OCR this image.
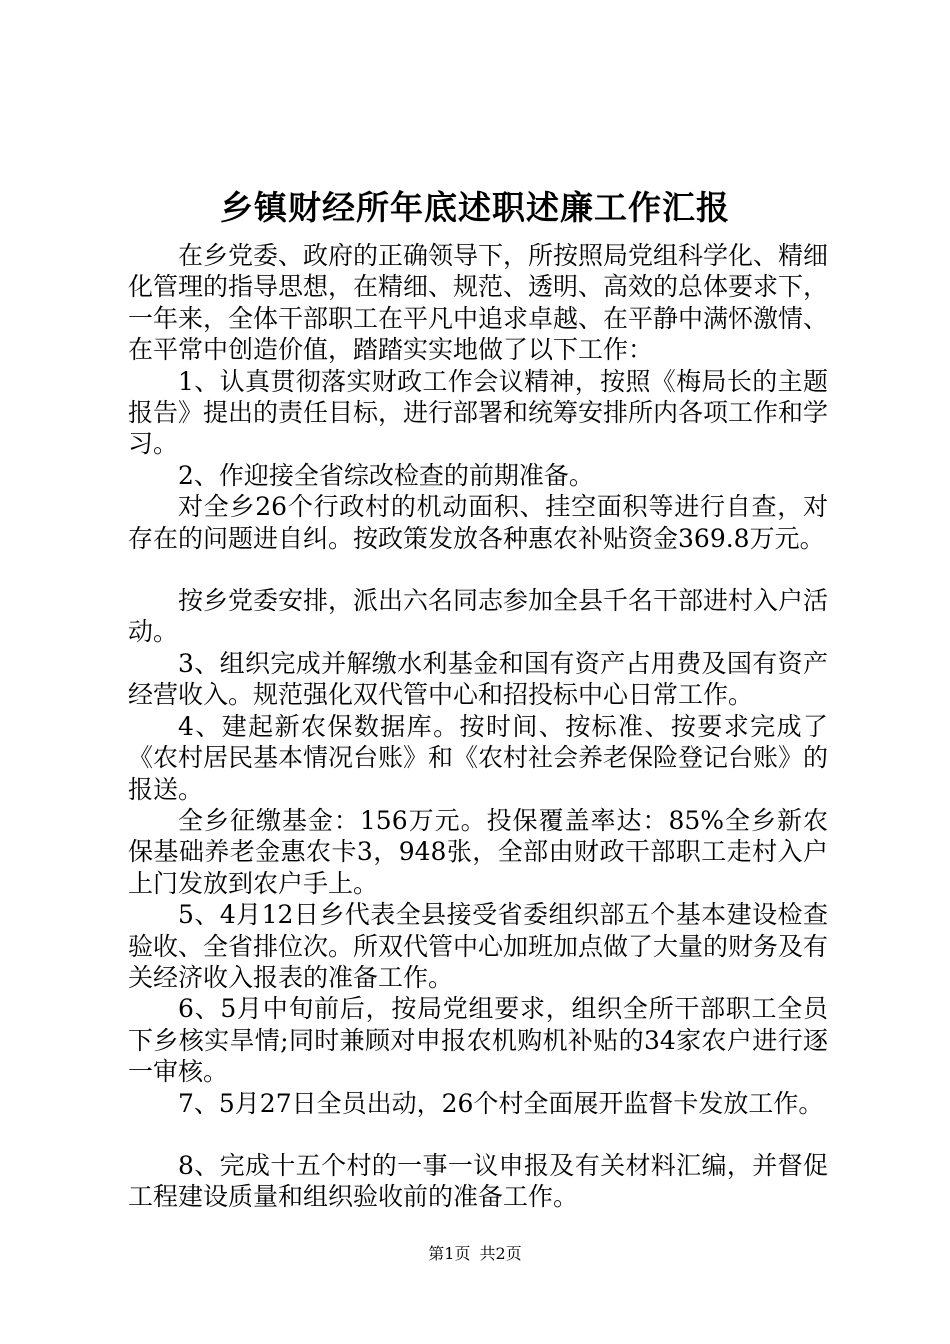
乡镇财经所年底述职述廉工作汇报

在乡党委、政府的正确领导下，所按照局党组科学化、精细化管理的指导思想，在精细、规范、透明、高效的总体要求下，一年来，全体干部职工在平凡中追求卓越、在平静中满怀激情、在平常中创造价值，踏踏实实地做了以下工作：

1、认真贯彻落实财政工作会议精神，按照《梅局长的主题报告》提出的责任目标，进行部署和统筹安排所内各项工作和学习。

2、作迎接全省综改检查的前期准备。

对全乡26个行政村的机动面积、挂空面积等进行自查，对存在的问题进自纠。按政策发放各种惠农补贴资金369.8万元。

按乡党委安排，派出六名同志参加全县千名干部进村入户活动。

3、组织完成并解缴水利基金和国有资产占用费及国有资产经营收入。规范强化双代管中心和招投标中心日常工作。

4、建起新农保数据库。按时间、按标准、按要求完成了《农村居民基本情况台账》和《农村社会养老保险登记台账》的报送。

全乡征缴基金：156万元。投保覆盖率达：85%全乡新农保基础养老金惠农卡3，948张，全部由财政干部职工走村入户上门发放到农户手上。

5、4月12日乡代表全县接受省委组织部五个基本建设检查验收、全省排位次。所双代管中心加班加点做了大量的财务及有关经济收入报表的准备工作。

6、5月中旬前后，按局党组要求，组织全所干部职工全员下乡核实旱情;同时兼顾对申报农机购机补贴的34家农户进行逐一审核。

7、5月27日全员出动，26个村全面展开监督卡发放工作。

8、完成十五个村的一事一议申报及有关材料汇编，并督促工程建设质量和组织验收前的准备工作。

第1页 共2页
